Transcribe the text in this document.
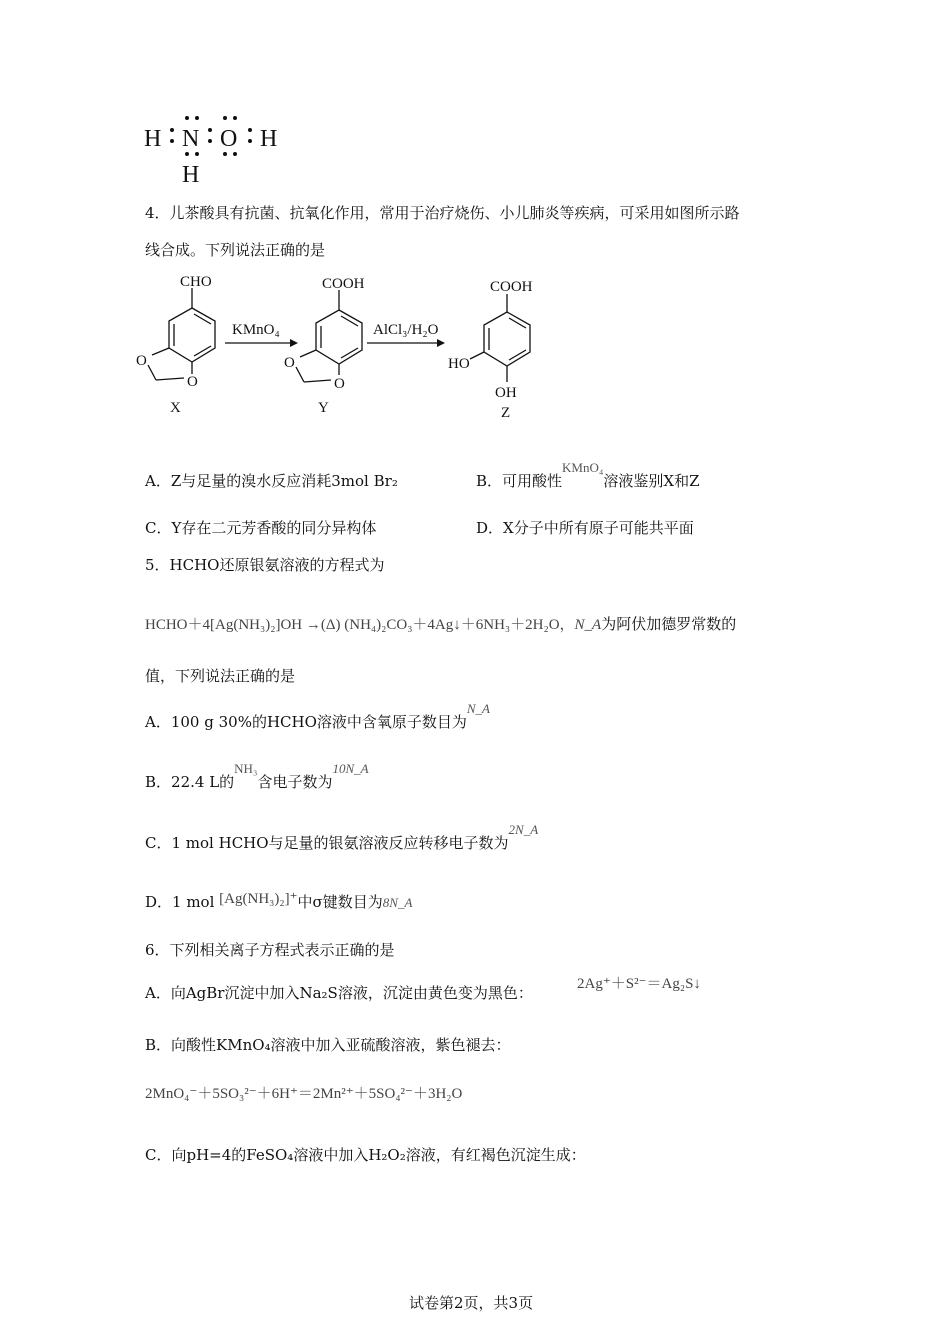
H N O H
H
4．儿茶酸具有抗菌、抗氧化作用，常用于治疗烧伤、小儿肺炎等疾病，可采用如图所示路
线合成。下列说法正确的是
CHO
O
O
X
KMnO₄
COOH
O
O
Y
AlCl₃/H₂O
COOH
HO
OH
Z
A．Z与足量的溴水反应消耗3mol Br₂	B．可用酸性KMnO₄溶液鉴别X和Z
C．Y存在二元芳香酸的同分异构体	D．X分子中所有原子可能共平面
5．HCHO还原银氨溶液的方程式为
HCHO＋4[Ag(NH₃)₂]OH →(Δ) (NH₄)₂CO₃＋4Ag↓＋6NH₃＋2H₂O，N_A为阿伏加德罗常数的
值，下列说法正确的是
A．100 g 30%的HCHO溶液中含氧原子数目为N_A
B．22.4 L的NH₃含电子数为10N_A
C．1 mol HCHO与足量的银氨溶液反应转移电子数为2N_A
D．1 mol [Ag(NH₃)₂]⁺中σ键数目为8N_A
6．下列相关离子方程式表示正确的是
A．向AgBr沉淀中加入Na₂S溶液，沉淀由黄色变为黑色：	2Ag⁺＋S²⁻＝Ag₂S↓
B．向酸性KMnO₄溶液中加入亚硫酸溶液，紫色褪去：
2MnO₄⁻＋5SO₃²⁻＋6H⁺＝2Mn²⁺＋5SO₄²⁻＋3H₂O
C．向pH=4的FeSO₄溶液中加入H₂O₂溶液，有红褐色沉淀生成：
试卷第2页，共3页
